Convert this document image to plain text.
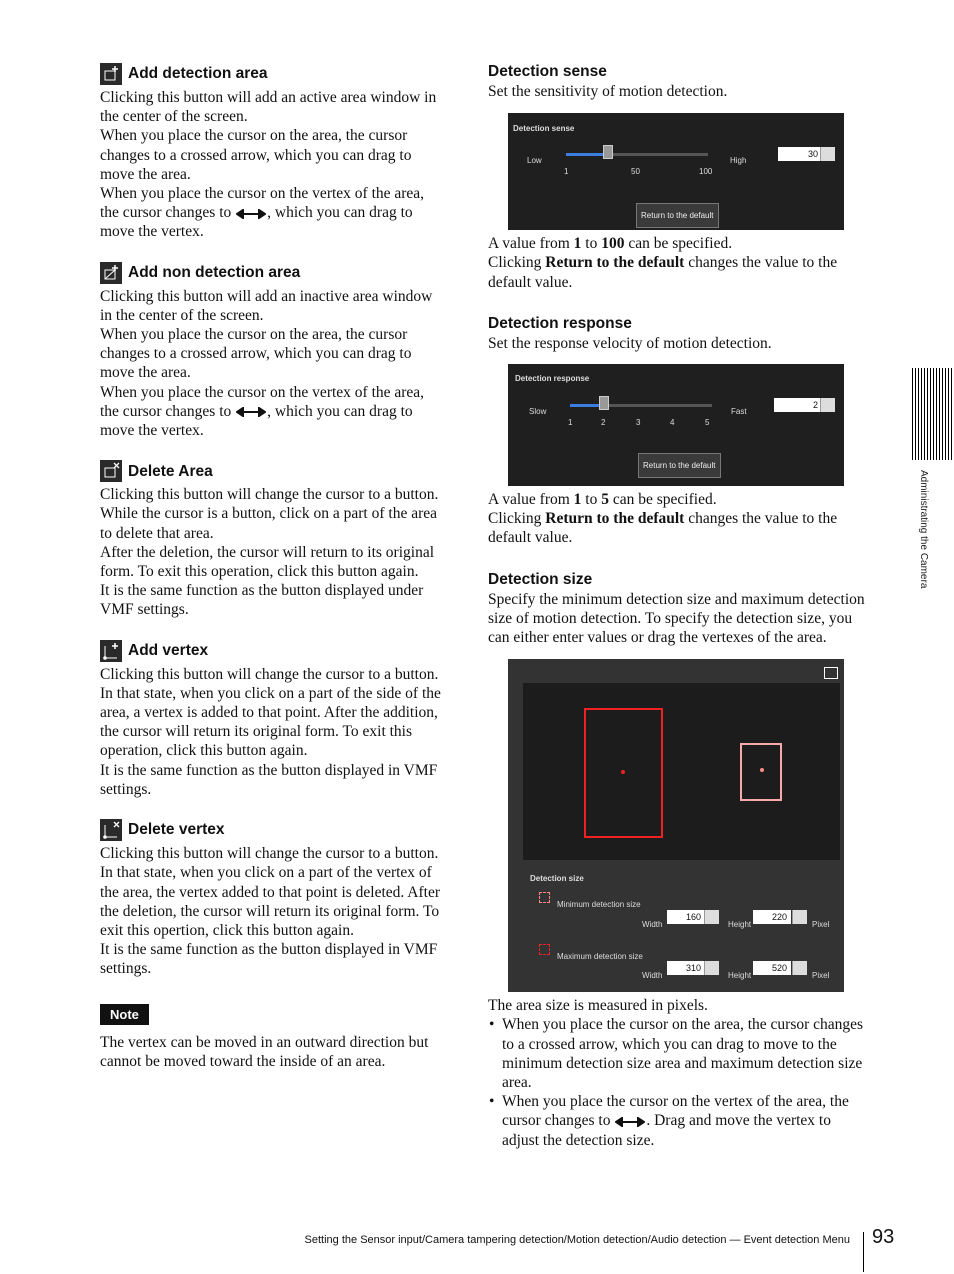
Add detection area

Clicking this button will add an active area window in the center of the screen.

When you place the cursor on the area, the cursor changes to a crossed arrow, which you can drag to move the area.

When you place the cursor on the vertex of the area, the cursor changes to , which you can drag to move the vertex.

Add non detection area

Clicking this button will add an inactive area window in the center of the screen.

When you place the cursor on the area, the cursor changes to a crossed arrow, which you can drag to move the area.

When you place the cursor on the vertex of the area, the cursor changes to , which you can drag to move the vertex.

Delete Area

Clicking this button will change the cursor to a button. While the cursor is a button, click on a part of the area to delete that area.

After the deletion, the cursor will return to its original form. To exit this operation, click this button again.

It is the same function as the button displayed under VMF settings.

Add vertex

Clicking this button will change the cursor to a button. In that state, when you click on a part of the side of the area, a vertex is added to that point. After the addition, the cursor will return its original form. To exit this operation, click this button again.

It is the same function as the button displayed in VMF settings.

Delete vertex

Clicking this button will change the cursor to a button. In that state, when you click on a part of the vertex of the area, the vertex added to that point is deleted. After the deletion, the cursor will return its original form. To exit this opertion, click this button again.

It is the same function as the button displayed in VMF settings.

Note

The vertex can be moved in an outward direction but cannot be moved toward the inside of an area.

Detection sense

Set the sensitivity of motion detection.

Detection sense
Low
1	50	100
High
30
Return to the default

A value from 1 to 100 can be specified.

Clicking Return to the default changes the value to the default value.

Detection response

Set the response velocity of motion detection.

Detection response
Slow
1	2	3	4	5
Fast
2
Return to the default

A value from 1 to 5 can be specified.

Clicking Return to the default changes the value to the default value.

Detection size

Specify the minimum detection size and maximum detection size of motion detection. To specify the detection size, you can either enter values or drag the vertexes of the area.

Detection size
Minimum detection size
Width
160
Height
220
Pixel
Maximum detection size
Width
310
Height
520
Pixel

The area size is measured in pixels.

• When you place the cursor on the area, the cursor changes to a crossed arrow, which you can drag to move to the minimum detection size area and maximum detection size area.
• When you place the cursor on the vertex of the area, the cursor changes to . Drag and move the vertex to adjust the detection size.
Administrating the Camera
Setting the Sensor input/Camera tampering detection/Motion detection/Audio detection — Event detection Menu 93
